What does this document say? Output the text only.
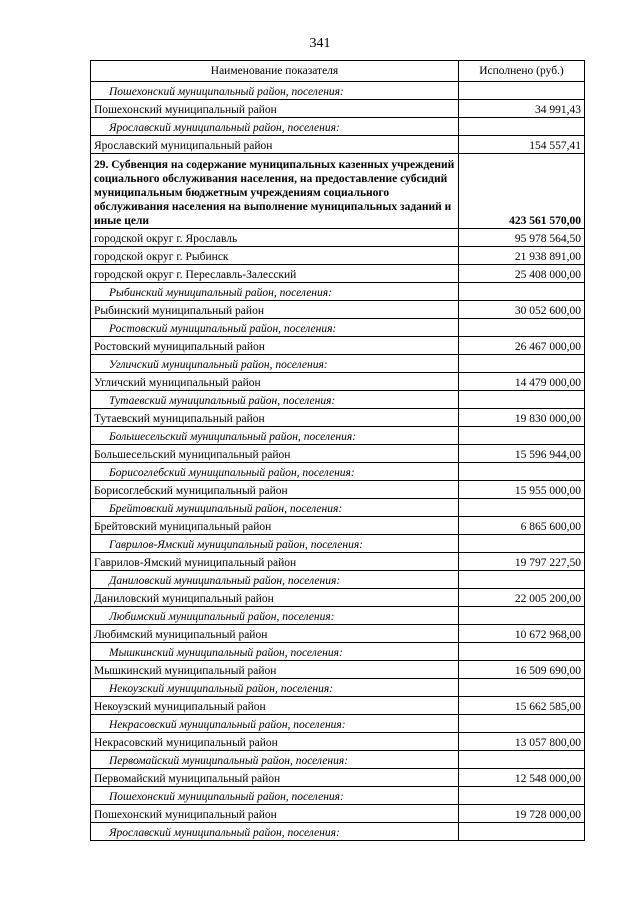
341
Наименование показателя	Исполнено (руб.)
Пошехонский муниципальный район, поселения:	
Пошехонский муниципальный район	34 991,43
Ярославский муниципальный район, поселения:	
Ярославский муниципальный район	154 557,41
29. Субвенция на содержание муниципальных казенных учреждений социального обслуживания населения, на предоставление субсидий муниципальным бюджетным учреждениям социального обслуживания населения на выполнение муниципальных заданий и иные цели	423 561 570,00
городской округ г. Ярославль	95 978 564,50
городской округ г. Рыбинск	21 938 891,00
городской округ г. Переславль-Залесский	25 408 000,00
Рыбинский муниципальный район, поселения:	
Рыбинский муниципальный район	30 052 600,00
Ростовский муниципальный район, поселения:	
Ростовский муниципальный район	26 467 000,00
Угличский муниципальный район, поселения:	
Угличский муниципальный район	14 479 000,00
Тутаевский муниципальный район, поселения:	
Тутаевский муниципальный район	19 830 000,00
Большесельский муниципальный район, поселения:	
Большесельский муниципальный район	15 596 944,00
Борисоглебский муниципальный район, поселения:	
Борисоглебский муниципальный район	15 955 000,00
Брейтовский муниципальный район, поселения:	
Брейтовский муниципальный район	6 865 600,00
Гаврилов-Ямский муниципальный район, поселения:	
Гаврилов-Ямский муниципальный район	19 797 227,50
Даниловский муниципальный район, поселения:	
Даниловский муниципальный район	22 005 200,00
Любимский муниципальный район, поселения:	
Любимский муниципальный район	10 672 968,00
Мышкинский муниципальный район, поселения:	
Мышкинский муниципальный район	16 509 690,00
Некоузский муниципальный район, поселения:	
Некоузский муниципальный район	15 662 585,00
Некрасовский муниципальный район, поселения:	
Некрасовский муниципальный район	13 057 800,00
Первомайский муниципальный район, поселения:	
Первомайский муниципальный район	12 548 000,00
Пошехонский муниципальный район, поселения:	
Пошехонский муниципальный район	19 728 000,00
Ярославский муниципальный район, поселения:	
